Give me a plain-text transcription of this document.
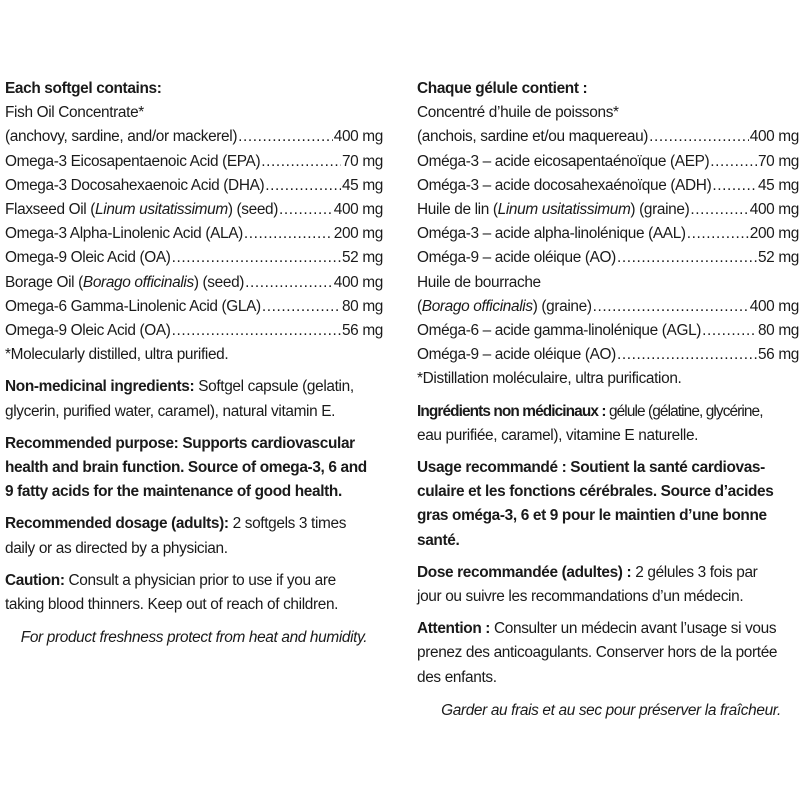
Each softgel contains:
Fish Oil Concentrate*
(anchovy, sardine, and/or mackerel) .....	400 mg
Omega-3 Eicosapentaenoic Acid (EPA) .....	70 mg
Omega-3 Docosahexaenoic Acid (DHA) .....	45 mg
Flaxseed Oil (Linum usitatissimum) (seed) .....	400 mg
Omega-3 Alpha-Linolenic Acid (ALA) .....	200 mg
Omega-9 Oleic Acid (OA) .....	52 mg
Borage Oil (Borago officinalis) (seed) .....	400 mg
Omega-6 Gamma-Linolenic Acid (GLA) .....	80 mg
Omega-9 Oleic Acid (OA) .....	56 mg
*Molecularly distilled, ultra purified.
Non-medicinal ingredients: Softgel capsule (gelatin,
glycerin, purified water, caramel), natural vitamin E.
Recommended purpose: Supports cardiovascular
health and brain function. Source of omega-3, 6 and
9 fatty acids for the maintenance of good health.
Recommended dosage (adults): 2 softgels 3 times
daily or as directed by a physician.
Caution: Consult a physician prior to use if you are
taking blood thinners. Keep out of reach of children.
For product freshness protect from heat and humidity.
Chaque gélule contient :
Concentré d’huile de poissons*
(anchois, sardine et/ou maquereau) .....	400 mg
Oméga-3 – acide eicosapentaénoïque (AEP) .....	70 mg
Oméga-3 – acide docosahexaénoïque (ADH) .....	45 mg
Huile de lin (Linum usitatissimum) (graine) .....	400 mg
Oméga-3 – acide alpha-linolénique (AAL) .....	200 mg
Oméga-9 – acide oléique (AO) .....	52 mg
Huile de bourrache
(Borago officinalis) (graine) .....	400 mg
Oméga-6 – acide gamma-linolénique (AGL) .....	80 mg
Oméga-9 – acide oléique (AO) .....	56 mg
*Distillation moléculaire, ultra purification.
Ingrédients non médicinaux : gélule (gélatine, glycérine,
eau purifiée, caramel), vitamine E naturelle.
Usage recommandé : Soutient la santé cardiovas-
culaire et les fonctions cérébrales. Source d’acides
gras oméga-3, 6 et 9 pour le maintien d’une bonne
santé.
Dose recommandée (adultes) : 2 gélules 3 fois par
jour ou suivre les recommandations d’un médecin.
Attention : Consulter un médecin avant l’usage si vous
prenez des anticoagulants. Conserver hors de la portée
des enfants.
Garder au frais et au sec pour préserver la fraîcheur.
